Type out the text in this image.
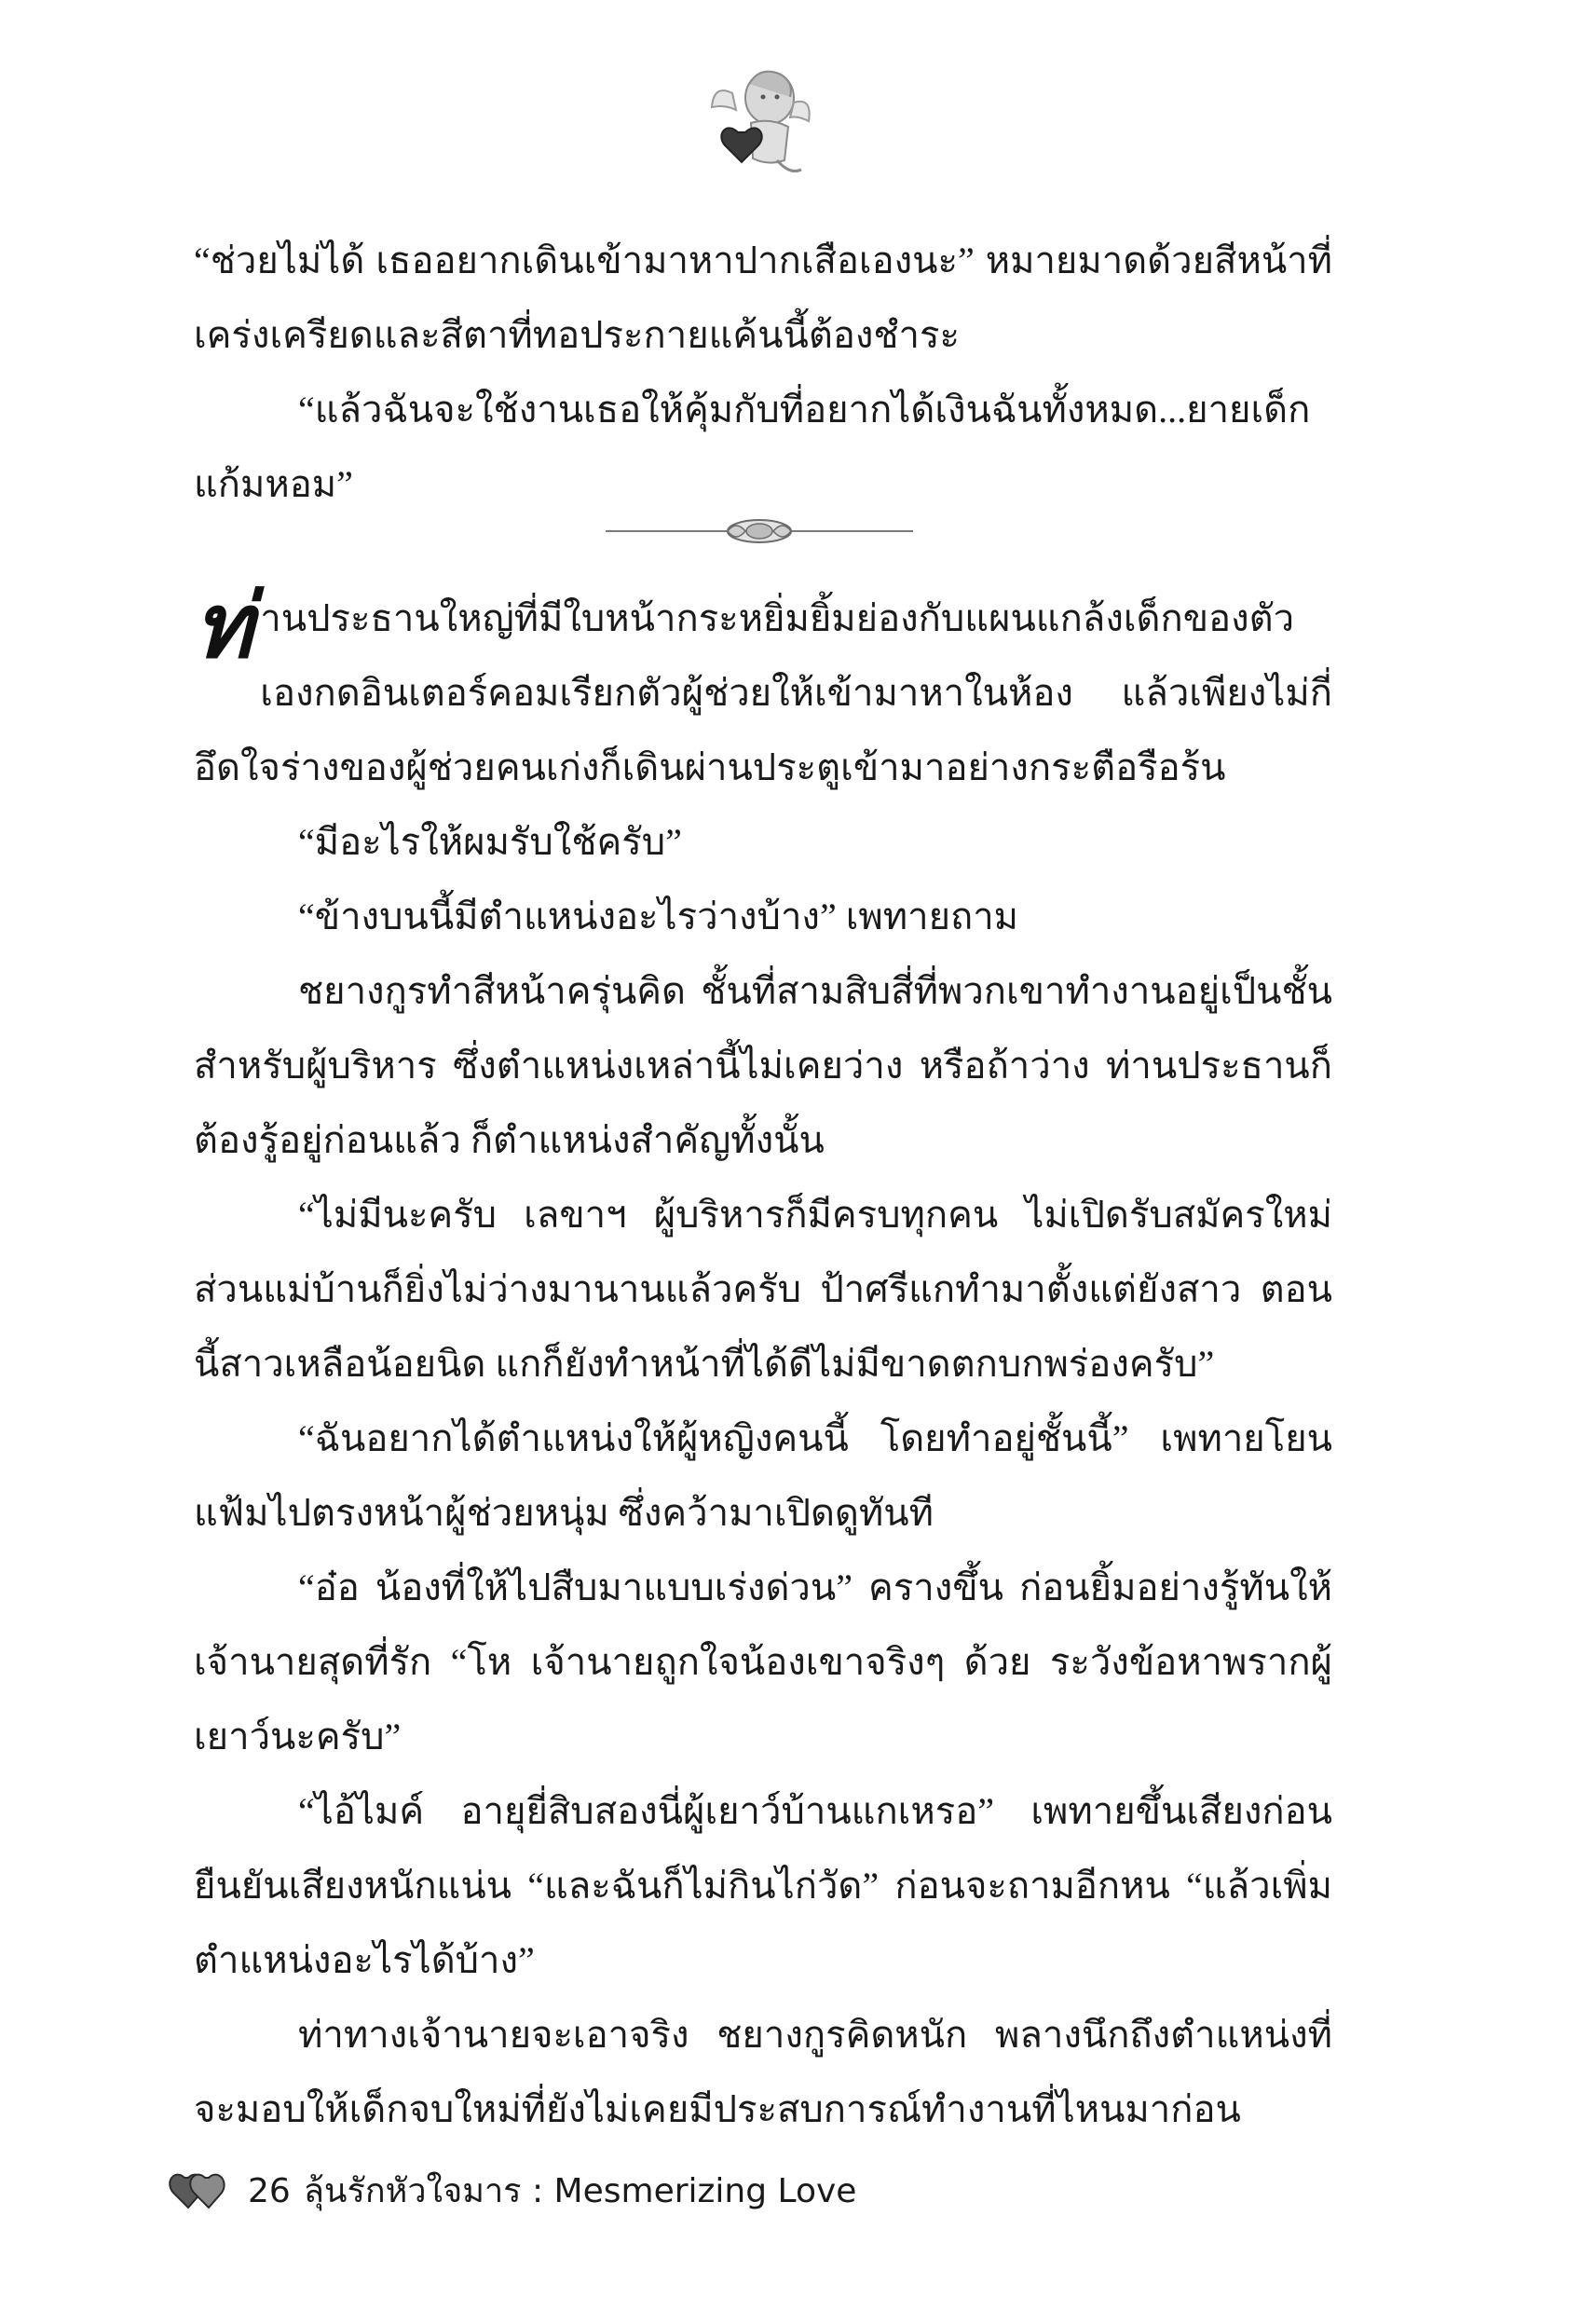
“ช่วยไม่ได้ เธออยากเดินเข้ามาหาปากเสือเองนะ” หมายมาดด้วยสีหน้าที่เคร่งเครียดและสีตาที่ทอประกายแค้นนี้ต้องชำระ

“แล้วฉันจะใช้งานเธอให้คุ้มกับที่อยากได้เงินฉันทั้งหมด...ยายเด็กแก้มหอม”

ท่านประธานใหญ่ที่มีใบหน้ากระหยิ่มยิ้มย่องกับแผนแกล้งเด็กของตัวเองกดอินเตอร์คอมเรียกตัวผู้ช่วยให้เข้ามาหาในห้อง แล้วเพียงไม่กี่อึดใจร่างของผู้ช่วยคนเก่งก็เดินผ่านประตูเข้ามาอย่างกระตือรือร้น

“มีอะไรให้ผมรับใช้ครับ”

“ข้างบนนี้มีตำแหน่งอะไรว่างบ้าง” เพทายถาม

ชยางกูรทำสีหน้าครุ่นคิด ชั้นที่สามสิบสี่ที่พวกเขาทำงานอยู่เป็นชั้นสำหรับผู้บริหาร ซึ่งตำแหน่งเหล่านี้ไม่เคยว่าง หรือถ้าว่าง ท่านประธานก็ต้องรู้อยู่ก่อนแล้ว ก็ตำแหน่งสำคัญทั้งนั้น

“ไม่มีนะครับ เลขาฯ ผู้บริหารก็มีครบทุกคน ไม่เปิดรับสมัครใหม่ ส่วนแม่บ้านก็ยิ่งไม่ว่างมานานแล้วครับ ป้าศรีแกทำมาตั้งแต่ยังสาว ตอนนี้สาวเหลือน้อยนิด แกก็ยังทำหน้าที่ได้ดีไม่มีขาดตกบกพร่องครับ”

“ฉันอยากได้ตำแหน่งให้ผู้หญิงคนนี้ โดยทำอยู่ชั้นนี้” เพทายโยนแฟ้มไปตรงหน้าผู้ช่วยหนุ่ม ซึ่งคว้ามาเปิดดูทันที

“อ๋อ น้องที่ให้ไปสืบมาแบบเร่งด่วน” ครางขึ้น ก่อนยิ้มอย่างรู้ทันให้เจ้านายสุดที่รัก “โห เจ้านายถูกใจน้องเขาจริงๆ ด้วย ระวังข้อหาพรากผู้เยาว์นะครับ”

“ไอ้ไมค์ อายุยี่สิบสองนี่ผู้เยาว์บ้านแกเหรอ” เพทายขึ้นเสียงก่อนยืนยันเสียงหนักแน่น “และฉันก็ไม่กินไก่วัด” ก่อนจะถามอีกหน “แล้วเพิ่มตำแหน่งอะไรได้บ้าง”

ท่าทางเจ้านายจะเอาจริง ชยางกูรคิดหนัก พลางนึกถึงตำแหน่งที่จะมอบให้เด็กจบใหม่ที่ยังไม่เคยมีประสบการณ์ทำงานที่ไหนมาก่อน

26 ลุ้นรักหัวใจมาร : Mesmerizing Love
